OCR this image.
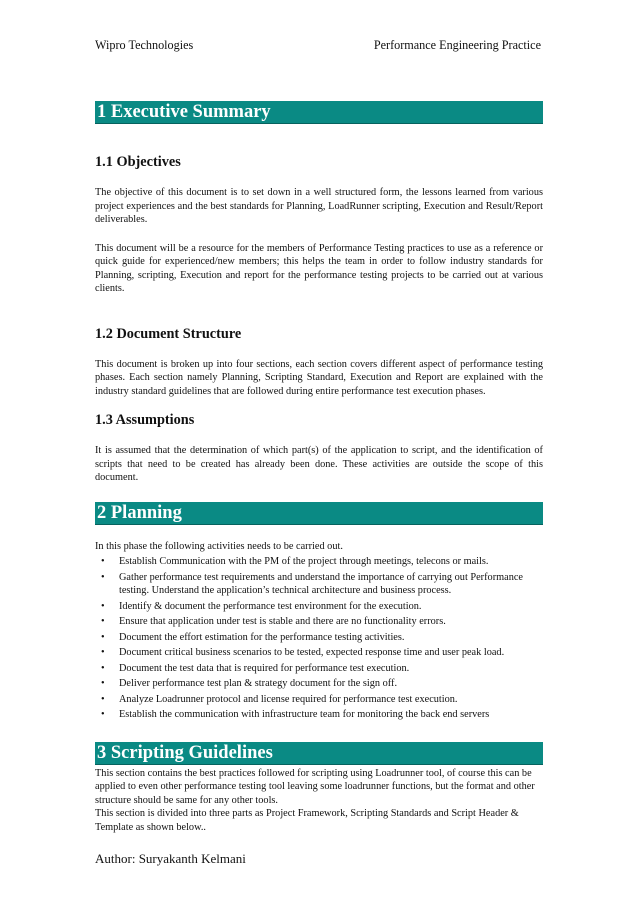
Wipro Technologies	Performance Engineering Practice
1 Executive Summary
1.1 Objectives

The objective of this document is to set down in a well structured form, the lessons learned from various project experiences and the best standards for Planning, LoadRunner scripting, Execution and Result/Report deliverables.

This document will be a resource for the members of Performance Testing practices to use as a reference or quick guide for experienced/new members; this helps the team in order to follow industry standards for Planning, scripting, Execution and report for the performance testing projects to be carried out at various clients.

1.2 Document Structure

This document is broken up into four sections, each section covers different aspect of performance testing phases. Each section namely Planning, Scripting Standard, Execution and Report are explained with the industry standard guidelines that are followed during entire performance test execution phases.

1.3 Assumptions

It is assumed that the determination of which part(s) of the application to script, and the identification of scripts that need to be created has already been done. These activities are outside the scope of this document.

2 Planning

In this phase the following activities needs to be carried out.

• Establish Communication with the PM of the project through meetings, telecons or mails.
• Gather performance test requirements and understand the importance of carrying out Performance testing. Understand the application’s technical architecture and business process.
• Identify & document the performance test environment for the execution.
• Ensure that application under test is stable and there are no functionality errors.
• Document the effort estimation for the performance testing activities.
• Document critical business scenarios to be tested, expected response time and user peak load.
• Document the test data that is required for performance test execution.
• Deliver performance test plan & strategy document for the sign off.
• Analyze Loadrunner protocol and license required for performance test execution.
• Establish the communication with infrastructure team for monitoring the back end servers
3 Scripting Guidelines

This section contains the best practices followed for scripting using Loadrunner tool, of course this can be applied to even other performance testing tool leaving some loadrunner functions, but the format and other structure should be same for any other tools.

This section is divided into three parts as Project Framework, Scripting Standards and Script Header & Template as shown below..

Author: Suryakanth Kelmani
